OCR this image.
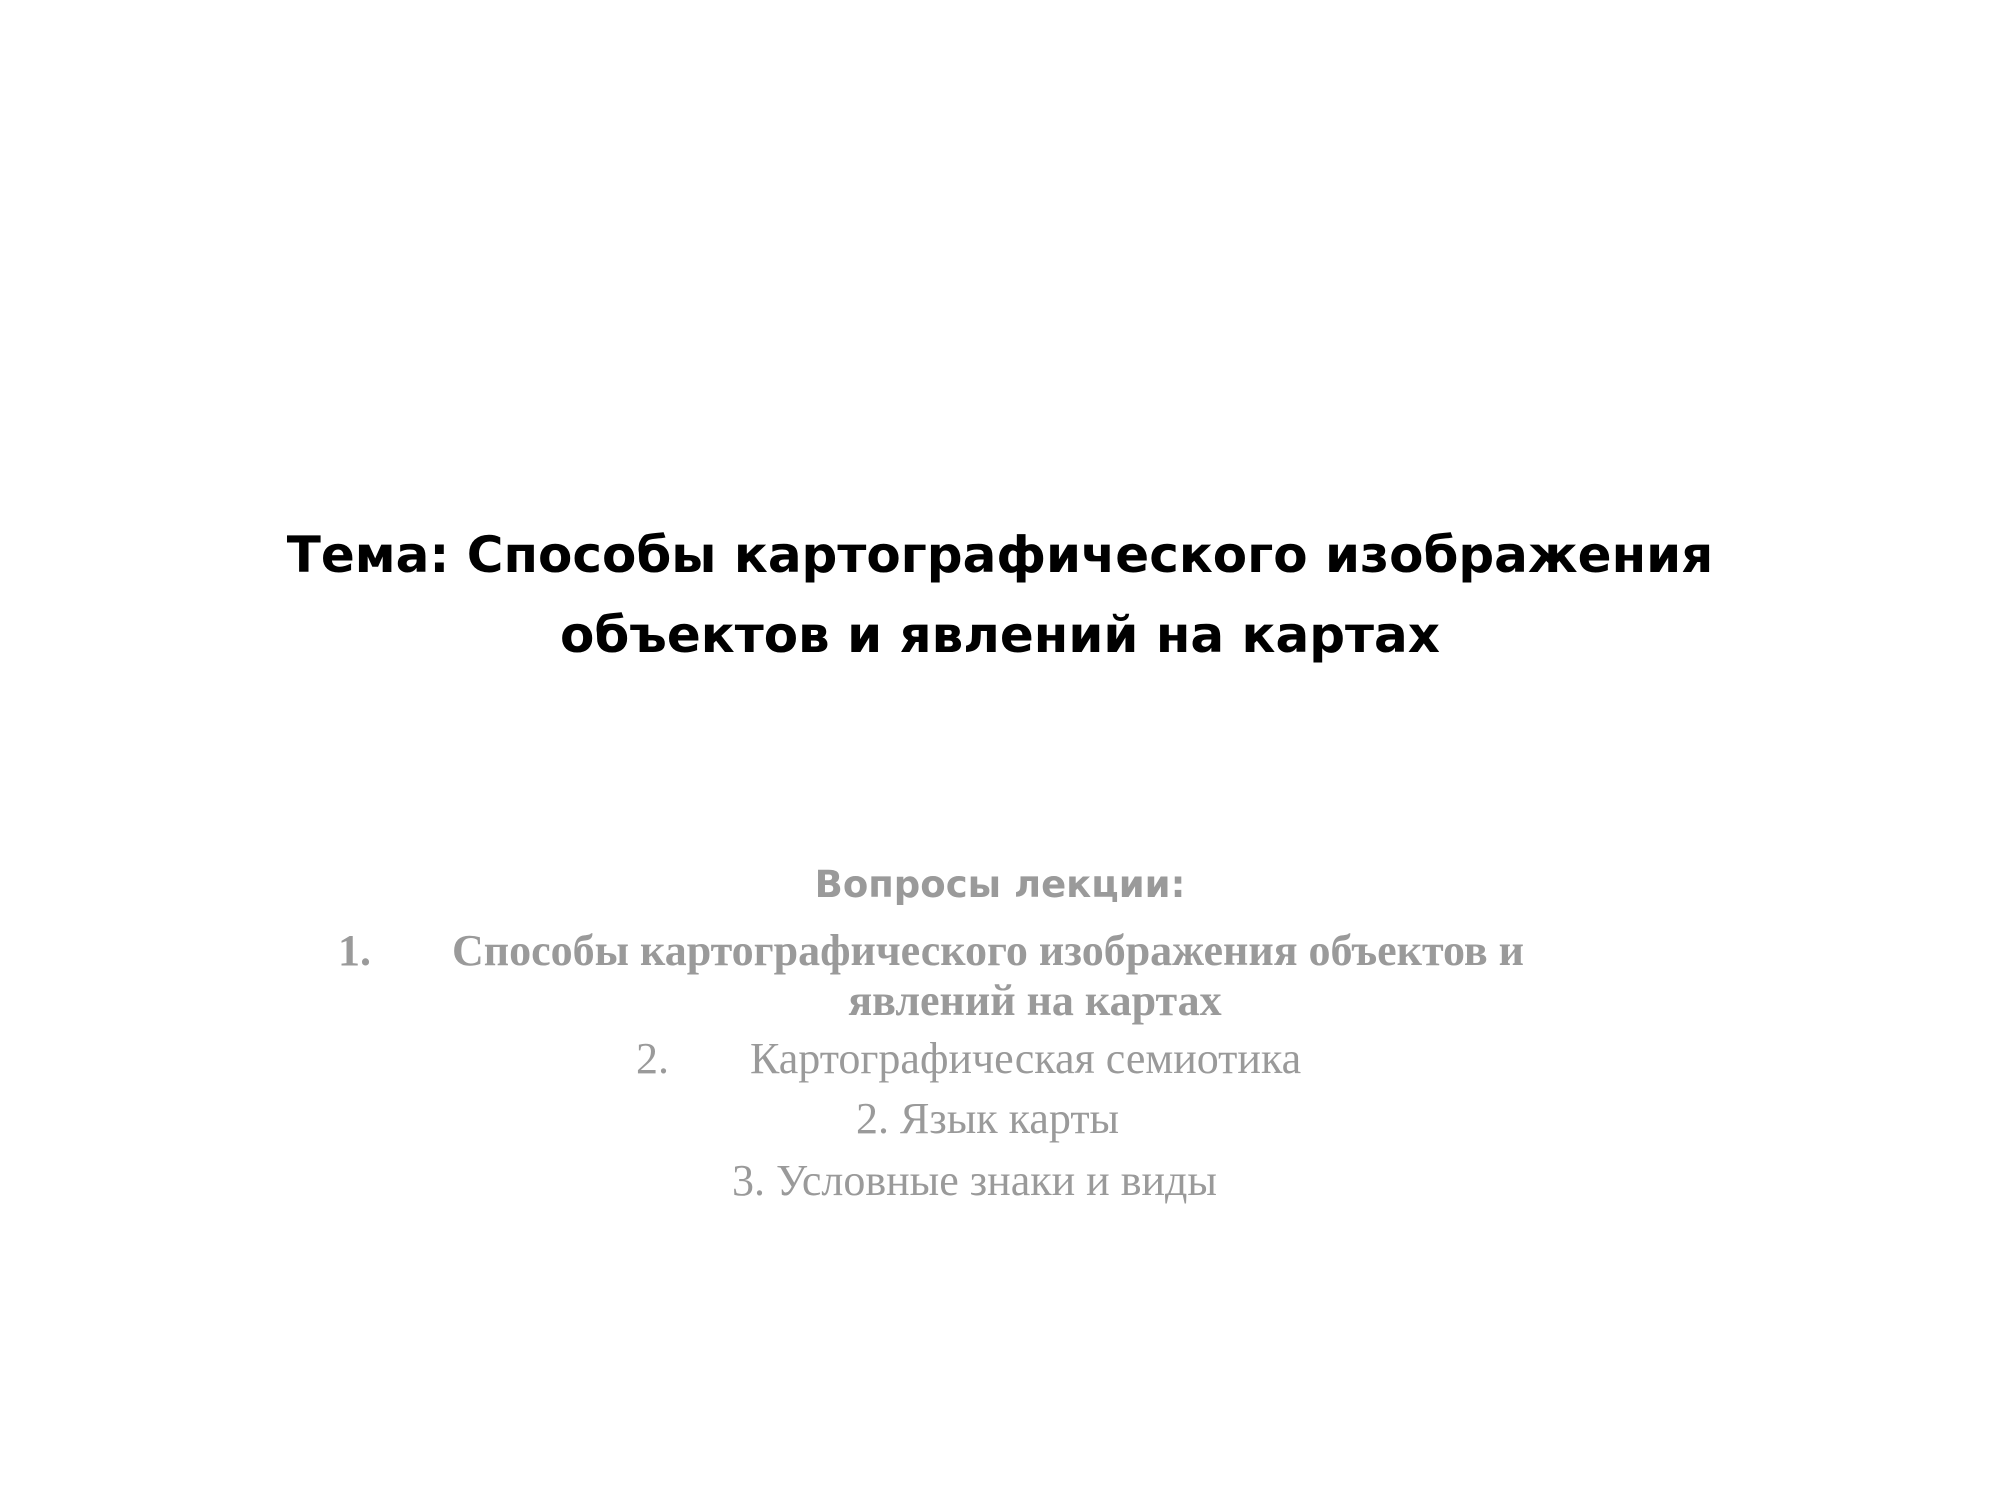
Тема: Способы картографического изображения
объектов и явлений на картах
Вопросы лекции:
1. Способы картографического изображения объектов и
явлений на картах
2. Картографическая семиотика
2. Язык карты
3. Условные знаки и виды
